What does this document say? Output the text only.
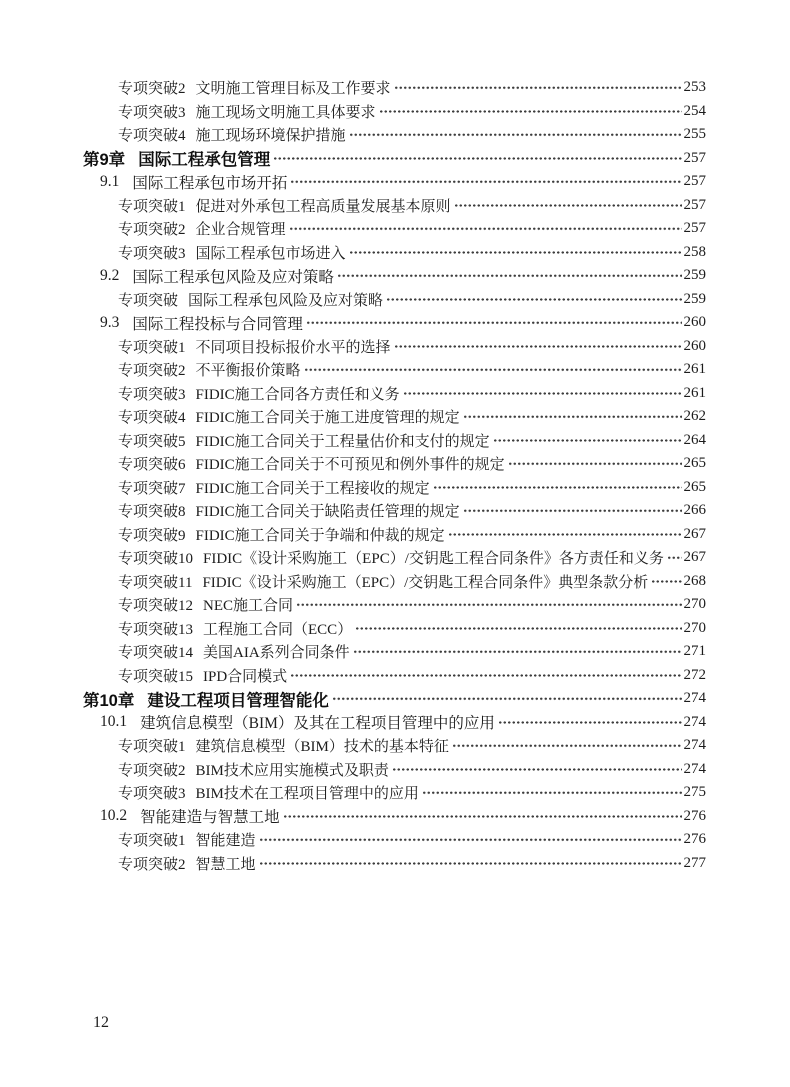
专项突破2 文明施工管理目标及工作要求	253
专项突破3 施工现场文明施工具体要求	254
专项突破4 施工现场环境保护措施	255
第9章 国际工程承包管理	257
9.1 国际工程承包市场开拓	257
专项突破1 促进对外承包工程高质量发展基本原则	257
专项突破2 企业合规管理	257
专项突破3 国际工程承包市场进入	258
9.2 国际工程承包风险及应对策略	259
专项突破 国际工程承包风险及应对策略	259
9.3 国际工程投标与合同管理	260
专项突破1 不同项目投标报价水平的选择	260
专项突破2 不平衡报价策略	261
专项突破3 FIDIC施工合同各方责任和义务	261
专项突破4 FIDIC施工合同关于施工进度管理的规定	262
专项突破5 FIDIC施工合同关于工程量估价和支付的规定	264
专项突破6 FIDIC施工合同关于不可预见和例外事件的规定	265
专项突破7 FIDIC施工合同关于工程接收的规定	265
专项突破8 FIDIC施工合同关于缺陷责任管理的规定	266
专项突破9 FIDIC施工合同关于争端和仲裁的规定	267
专项突破10 FIDIC《设计采购施工（EPC）/交钥匙工程合同条件》各方责任和义务 267
专项突破11 FIDIC《设计采购施工（EPC）/交钥匙工程合同条件》典型条款分析 268
专项突破12 NEC施工合同	270
专项突破13 工程施工合同（ECC）	270
专项突破14 美国AIA系列合同条件	271
专项突破15 IPD合同模式	272
第10章 建设工程项目管理智能化	274
10.1 建筑信息模型（BIM）及其在工程项目管理中的应用	274
专项突破1 建筑信息模型（BIM）技术的基本特征	274
专项突破2 BIM技术应用实施模式及职责	274
专项突破3 BIM技术在工程项目管理中的应用	275
10.2 智能建造与智慧工地	276
专项突破1 智能建造	276
专项突破2 智慧工地	277
12
